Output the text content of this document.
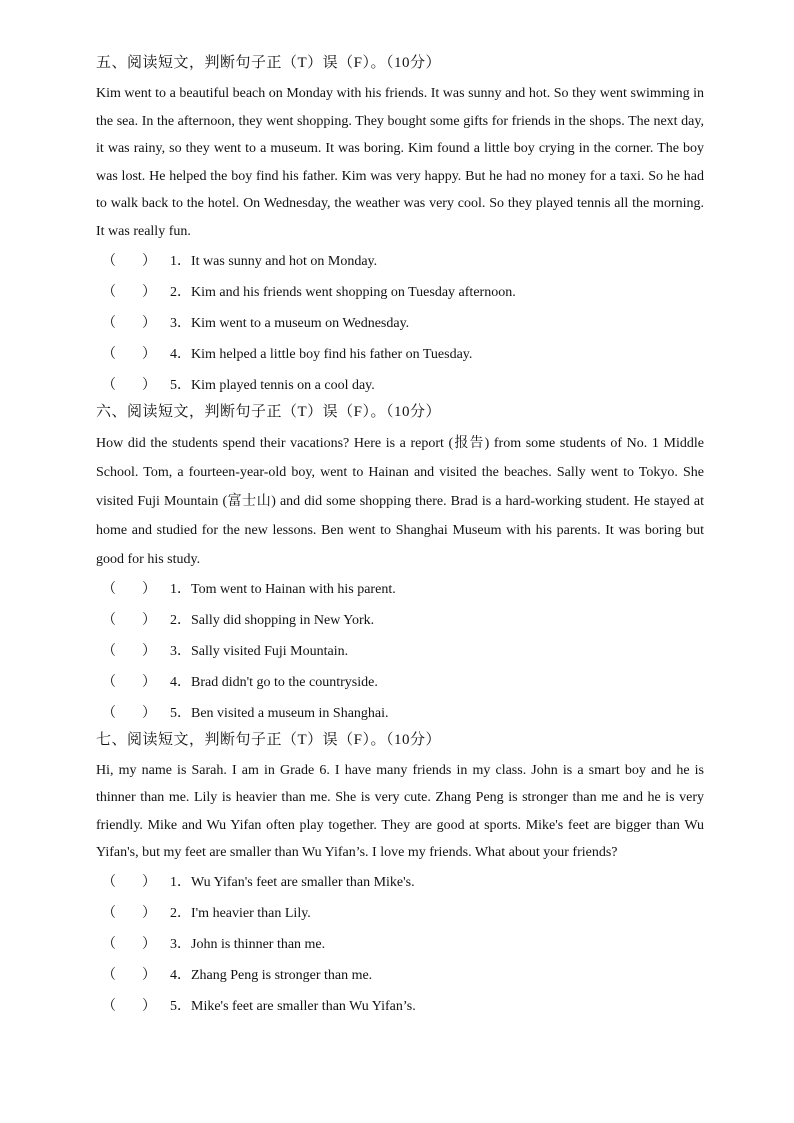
五、阅读短文，判断句子正（T）误（F）。（10分）

Kim went to a beautiful beach on Monday with his friends. It was sunny and hot. So they went swimming in the sea. In the afternoon, they went shopping. They bought some gifts for friends in the shops. The next day, it was rainy, so they went to a museum. It was boring. Kim found a little boy crying in the corner. The boy was lost. He helped the boy find his father. Kim was very happy. But he had no money for a taxi. So he had to walk back to the hotel. On Wednesday, the weather was very cool. So they played tennis all the morning. It was really fun.

（ ） 1．It was sunny and hot on Monday.
（ ） 2．Kim and his friends went shopping on Tuesday afternoon.
（ ） 3．Kim went to a museum on Wednesday.
（ ） 4．Kim helped a little boy find his father on Tuesday.
（ ） 5．Kim played tennis on a cool day.
六、阅读短文，判断句子正（T）误（F）。（10分）

How did the students spend their vacations? Here is a report (报告) from some students of No. 1 Middle School. Tom, a fourteen-year-old boy, went to Hainan and visited the beaches. Sally went to Tokyo. She visited Fuji Mountain (富士山) and did some shopping there. Brad is a hard-working student. He stayed at home and studied for the new lessons. Ben went to Shanghai Museum with his parents. It was boring but good for his study.

（ ） 1．Tom went to Hainan with his parent.
（ ） 2．Sally did shopping in New York.
（ ） 3．Sally visited Fuji Mountain.
（ ） 4．Brad didn't go to the countryside.
（ ） 5．Ben visited a museum in Shanghai.
七、阅读短文，判断句子正（T）误（F）。（10分）

Hi, my name is Sarah. I am in Grade 6. I have many friends in my class. John is a smart boy and he is thinner than me. Lily is heavier than me. She is very cute. Zhang Peng is stronger than me and he is very friendly. Mike and Wu Yifan often play together. They are good at sports. Mike's feet are bigger than Wu Yifan's, but my feet are smaller than Wu Yifan’s. I love my friends. What about your friends?

（ ） 1．Wu Yifan's feet are smaller than Mike's.
（ ） 2．I'm heavier than Lily.
（ ） 3．John is thinner than me.
（ ） 4．Zhang Peng is stronger than me.
（ ） 5．Mike's feet are smaller than Wu Yifan’s.
